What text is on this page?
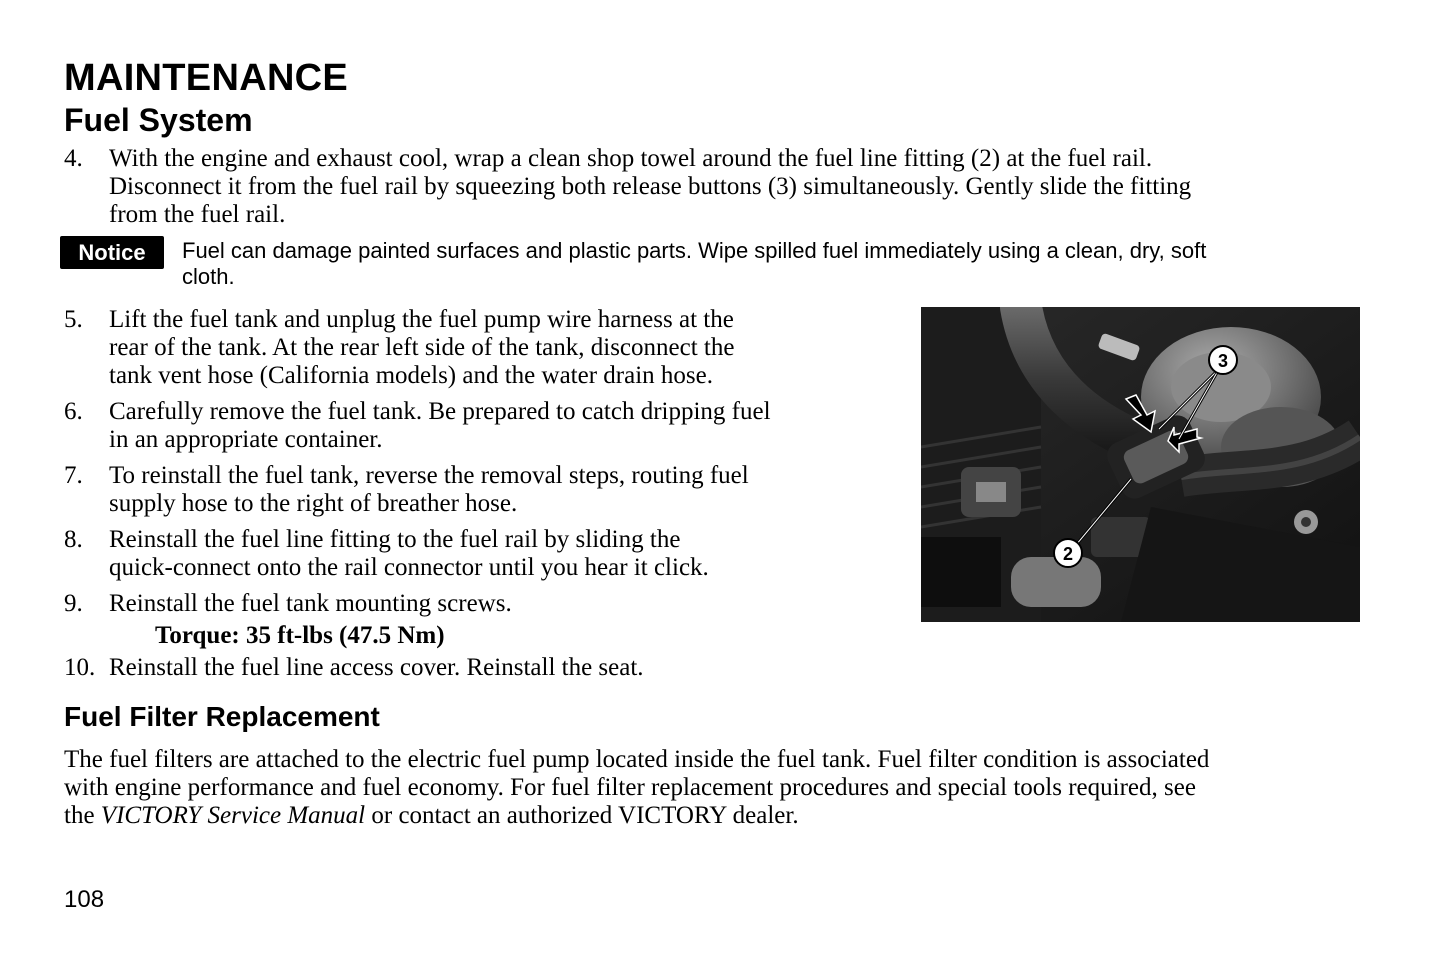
MAINTENANCE
Fuel System
4.	With the engine and exhaust cool, wrap a clean shop towel around the fuel line fitting (2) at the fuel rail.
Disconnect it from the fuel rail by squeezing both release buttons (3) simultaneously. Gently slide the fitting
from the fuel rail.
Notice	Fuel can damage painted surfaces and plastic parts. Wipe spilled fuel immediately using a clean, dry, soft
cloth.
5.	Lift the fuel tank and unplug the fuel pump wire harness at the
rear of the tank. At the rear left side of the tank, disconnect the
tank vent hose (California models) and the water drain hose.
6.	Carefully remove the fuel tank. Be prepared to catch dripping fuel
in an appropriate container.
7.	To reinstall the fuel tank, reverse the removal steps, routing fuel
supply hose to the right of breather hose.
8.	Reinstall the fuel line fitting to the fuel rail by sliding the
quick-connect onto the rail connector until you hear it click.
9.	Reinstall the fuel tank mounting screws.
Torque: 35 ft-lbs (47.5 Nm)
10. Reinstall the fuel line access cover. Reinstall the seat.
3
2
Fuel Filter Replacement
The fuel filters are attached to the electric fuel pump located inside the fuel tank. Fuel filter condition is associated
with engine performance and fuel economy. For fuel filter replacement procedures and special tools required, see
the VICTORY Service Manual or contact an authorized VICTORY dealer.
108
